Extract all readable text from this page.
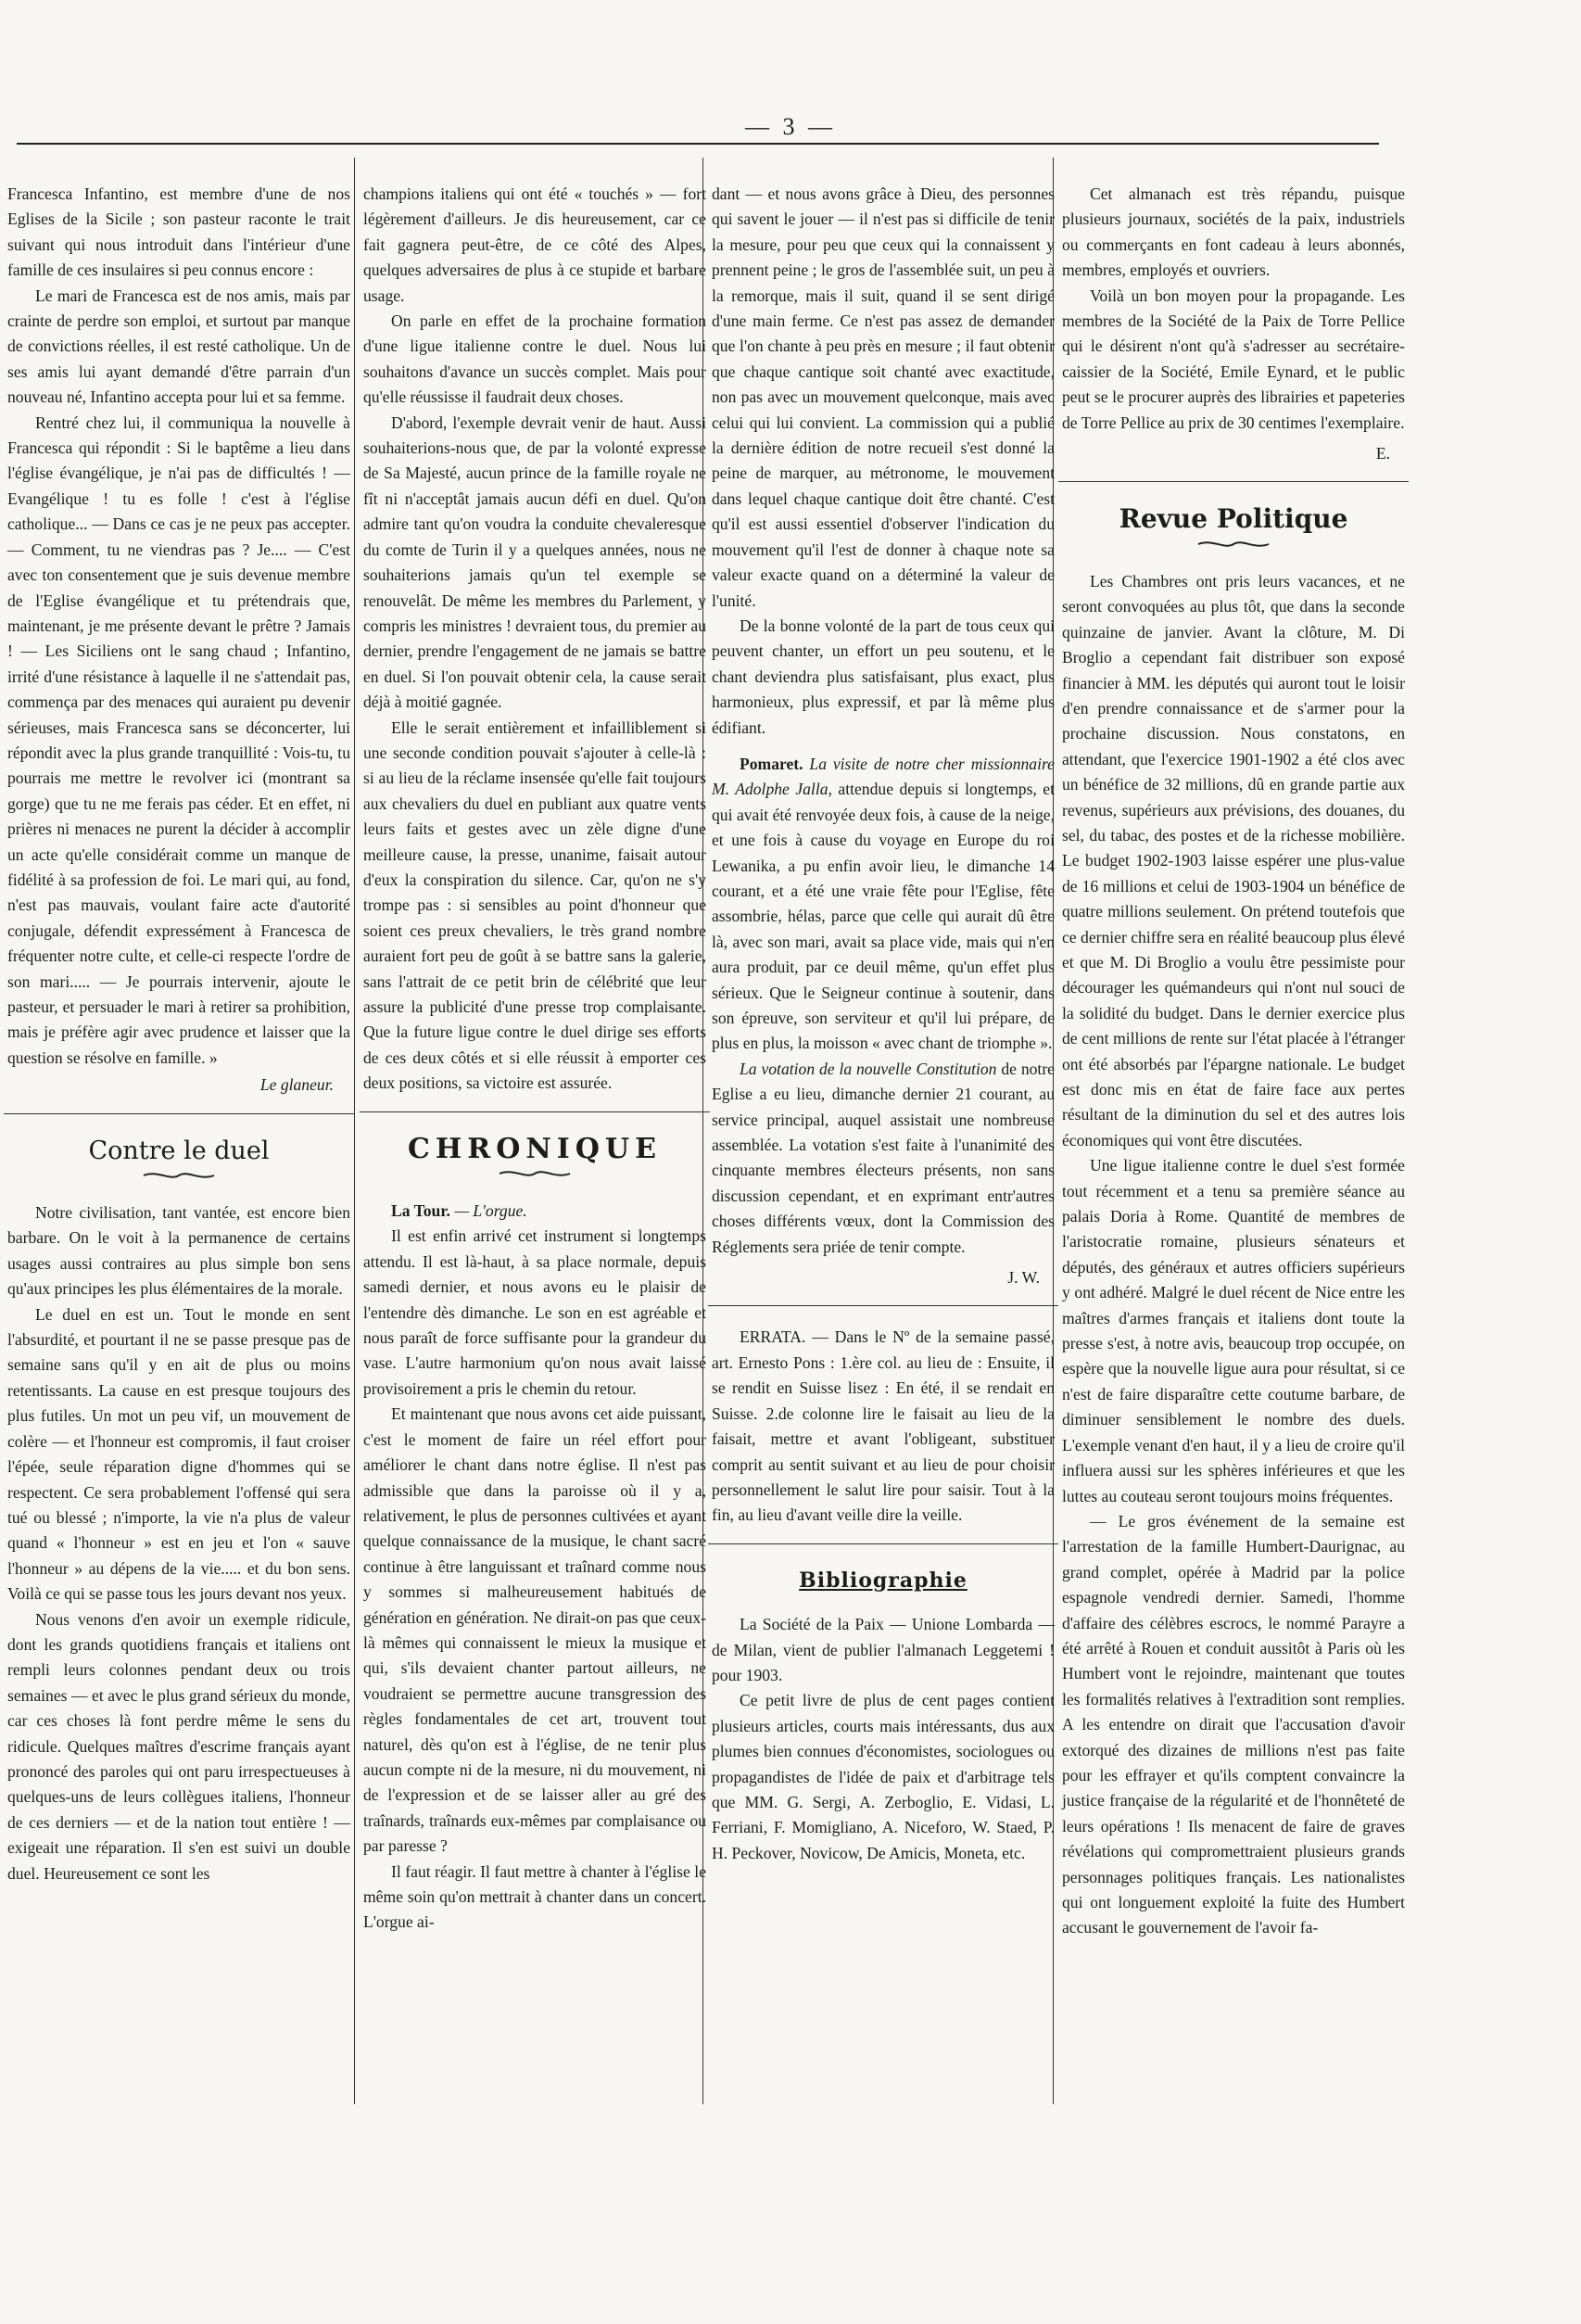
— 3 —

Francesca Infantino, est membre d'une de nos Eglises de la Sicile ; son pasteur raconte le trait suivant qui nous introduit dans l'intérieur d'une famille de ces insulaires si peu connus encore :

Le mari de Francesca est de nos amis, mais par crainte de perdre son emploi, et surtout par manque de convictions réelles, il est resté catholique. Un de ses amis lui ayant demandé d'être parrain d'un nouveau né, Infantino accepta pour lui et sa femme.

Rentré chez lui, il communiqua la nouvelle à Francesca qui répondit : Si le baptême a lieu dans l'église évangélique, je n'ai pas de difficultés ! — Evangélique ! tu es folle ! c'est à l'église catholique... — Dans ce cas je ne peux pas accepter. — Comment, tu ne viendras pas ? Je.... — C'est avec ton consentement que je suis devenue membre de l'Eglise évangélique et tu prétendrais que, maintenant, je me présente devant le prêtre ? Jamais ! — Les Siciliens ont le sang chaud ; Infantino, irrité d'une résistance à laquelle il ne s'attendait pas, commença par des menaces qui auraient pu devenir sérieuses, mais Francesca sans se déconcerter, lui répondit avec la plus grande tranquillité : Vois-tu, tu pourrais me mettre le revolver ici (montrant sa gorge) que tu ne me ferais pas céder. Et en effet, ni prières ni menaces ne purent la décider à accomplir un acte qu'elle considérait comme un manque de fidélité à sa profession de foi. Le mari qui, au fond, n'est pas mauvais, voulant faire acte d'autorité conjugale, défendit expressément à Francesca de fréquenter notre culte, et celle-ci respecte l'ordre de son mari..... — Je pourrais intervenir, ajoute le pasteur, et persuader le mari à retirer sa prohibition, mais je préfère agir avec prudence et laisser que la question se résolve en famille. »

Le glaneur.
Contre le duel

Notre civilisation, tant vantée, est encore bien barbare. On le voit à la permanence de certains usages aussi contraires au plus simple bon sens qu'aux principes les plus élémentaires de la morale.

Le duel en est un. Tout le monde en sent l'absurdité, et pourtant il ne se passe presque pas de semaine sans qu'il y en ait de plus ou moins retentissants. La cause en est presque toujours des plus futiles. Un mot un peu vif, un mouvement de colère — et l'honneur est compromis, il faut croiser l'épée, seule réparation digne d'hommes qui se respectent. Ce sera probablement l'offensé qui sera tué ou blessé ; n'importe, la vie n'a plus de valeur quand « l'honneur » est en jeu et l'on « sauve l'honneur » au dépens de la vie..... et du bon sens. Voilà ce qui se passe tous les jours devant nos yeux.

Nous venons d'en avoir un exemple ridicule, dont les grands quotidiens français et italiens ont rempli leurs colonnes pendant deux ou trois semaines — et avec le plus grand sérieux du monde, car ces choses là font perdre même le sens du ridicule. Quelques maîtres d'escrime français ayant prononcé des paroles qui ont paru irrespectueuses à quelques-uns de leurs collègues italiens, l'honneur de ces derniers — et de la nation tout entière ! — exigeait une réparation. Il s'en est suivi un double duel. Heureusement ce sont les

champions italiens qui ont été « touchés » — fort légèrement d'ailleurs. Je dis heureusement, car ce fait gagnera peut-être, de ce côté des Alpes, quelques adversaires de plus à ce stupide et barbare usage.

On parle en effet de la prochaine formation d'une ligue italienne contre le duel. Nous lui souhaitons d'avance un succès complet. Mais pour qu'elle réussisse il faudrait deux choses.

D'abord, l'exemple devrait venir de haut. Aussi souhaiterions-nous que, de par la volonté expresse de Sa Majesté, aucun prince de la famille royale ne fît ni n'acceptât jamais aucun défi en duel. Qu'on admire tant qu'on voudra la conduite chevaleresque du comte de Turin il y a quelques années, nous ne souhaiterions jamais qu'un tel exemple se renouvelât. De même les membres du Parlement, y compris les ministres ! devraient tous, du premier au dernier, prendre l'engagement de ne jamais se battre en duel. Si l'on pouvait obtenir cela, la cause serait déjà à moitié gagnée.

Elle le serait entièrement et infailliblement si une seconde condition pouvait s'ajouter à celle-là : si au lieu de la réclame insensée qu'elle fait toujours aux chevaliers du duel en publiant aux quatre vents leurs faits et gestes avec un zèle digne d'une meilleure cause, la presse, unanime, faisait autour d'eux la conspiration du silence. Car, qu'on ne s'y trompe pas : si sensibles au point d'honneur que soient ces preux chevaliers, le très grand nombre auraient fort peu de goût à se battre sans la galerie, sans l'attrait de ce petit brin de célébrité que leur assure la publicité d'une presse trop complaisante. Que la future ligue contre le duel dirige ses efforts de ces deux côtés et si elle réussit à emporter ces deux positions, sa victoire est assurée.

CHRONIQUE

La Tour. — L'orgue.

Il est enfin arrivé cet instrument si longtemps attendu. Il est là-haut, à sa place normale, depuis samedi dernier, et nous avons eu le plaisir de l'entendre dès dimanche. Le son en est agréable et nous paraît de force suffisante pour la grandeur du vase. L'autre harmonium qu'on nous avait laissé provisoirement a pris le chemin du retour.

Et maintenant que nous avons cet aide puissant, c'est le moment de faire un réel effort pour améliorer le chant dans notre église. Il n'est pas admissible que dans la paroisse où il y a, relativement, le plus de personnes cultivées et ayant quelque connaissance de la musique, le chant sacré continue à être languissant et traînard comme nous y sommes si malheureusement habitués de génération en génération. Ne dirait-on pas que ceux-là mêmes qui connaissent le mieux la musique et qui, s'ils devaient chanter partout ailleurs, ne voudraient se permettre aucune transgression des règles fondamentales de cet art, trouvent tout naturel, dès qu'on est à l'église, de ne tenir plus aucun compte ni de la mesure, ni du mouvement, ni de l'expression et de se laisser aller au gré des traînards, traînards eux-mêmes par complaisance ou par paresse ?

Il faut réagir. Il faut mettre à chanter à l'église le même soin qu'on mettrait à chanter dans un concert. L'orgue ai-

dant — et nous avons grâce à Dieu, des personnes qui savent le jouer — il n'est pas si difficile de tenir la mesure, pour peu que ceux qui la connaissent y prennent peine ; le gros de l'assemblée suit, un peu à la remorque, mais il suit, quand il se sent dirigé d'une main ferme. Ce n'est pas assez de demander que l'on chante à peu près en mesure ; il faut obtenir que chaque cantique soit chanté avec exactitude, non pas avec un mouvement quelconque, mais avec celui qui lui convient. La commission qui a publié la dernière édition de notre recueil s'est donné la peine de marquer, au métronome, le mouvement dans lequel chaque cantique doit être chanté. C'est qu'il est aussi essentiel d'observer l'indication du mouvement qu'il l'est de donner à chaque note sa valeur exacte quand on a déterminé la valeur de l'unité.

De la bonne volonté de la part de tous ceux qui peuvent chanter, un effort un peu soutenu, et le chant deviendra plus satisfaisant, plus exact, plus harmonieux, plus expressif, et par là même plus édifiant.

Pomaret. La visite de notre cher missionnaire M. Adolphe Jalla, attendue depuis si longtemps, et qui avait été renvoyée deux fois, à cause de la neige, et une fois à cause du voyage en Europe du roi Lewanika, a pu enfin avoir lieu, le dimanche 14 courant, et a été une vraie fête pour l'Eglise, fête assombrie, hélas, parce que celle qui aurait dû être là, avec son mari, avait sa place vide, mais qui n'en aura produit, par ce deuil même, qu'un effet plus sérieux. Que le Seigneur continue à soutenir, dans son épreuve, son serviteur et qu'il lui prépare, de plus en plus, la moisson « avec chant de triomphe ».

La votation de la nouvelle Constitution de notre Eglise a eu lieu, dimanche dernier 21 courant, au service principal, auquel assistait une nombreuse assemblée. La votation s'est faite à l'unanimité des cinquante membres électeurs présents, non sans discussion cependant, et en exprimant entr'autres choses différents vœux, dont la Commission des Réglements sera priée de tenir compte.

J. W.

ERRATA. — Dans le Nº de la semaine passé, art. Ernesto Pons : 1.ère col. au lieu de : Ensuite, il se rendit en Suisse lisez : En été, il se rendait en Suisse. 2.de colonne lire le faisait au lieu de la faisait, mettre et avant l'obligeant, substituer comprit au sentit suivant et au lieu de pour choisir personnellement le salut lire pour saisir. Tout à la fin, au lieu d'avant veille dire la veille.

Bibliographie

La Société de la Paix — Unione Lombarda — de Milan, vient de publier l'almanach Leggetemi ! pour 1903.

Ce petit livre de plus de cent pages contient plusieurs articles, courts mais intéressants, dus aux plumes bien connues d'économistes, sociologues ou propagandistes de l'idée de paix et d'arbitrage tels que MM. G. Sergi, A. Zerboglio, E. Vidasi, L. Ferriani, F. Momigliano, A. Niceforo, W. Staed, P. H. Peckover, Novicow, De Amicis, Moneta, etc.

Cet almanach est très répandu, puisque plusieurs journaux, sociétés de la paix, industriels ou commerçants en font cadeau à leurs abonnés, membres, employés et ouvriers.

Voilà un bon moyen pour la propagande. Les membres de la Société de la Paix de Torre Pellice qui le désirent n'ont qu'à s'adresser au secrétaire-caissier de la Société, Emile Eynard, et le public peut se le procurer auprès des librairies et papeteries de Torre Pellice au prix de 30 centimes l'exemplaire.

E.
Revue Politique

Les Chambres ont pris leurs vacances, et ne seront convoquées au plus tôt, que dans la seconde quinzaine de janvier. Avant la clôture, M. Di Broglio a cependant fait distribuer son exposé financier à MM. les députés qui auront tout le loisir d'en prendre connaissance et de s'armer pour la prochaine discussion. Nous constatons, en attendant, que l'exercice 1901-1902 a été clos avec un bénéfice de 32 millions, dû en grande partie aux revenus, supérieurs aux prévisions, des douanes, du sel, du tabac, des postes et de la richesse mobilière. Le budget 1902-1903 laisse espérer une plus-value de 16 millions et celui de 1903-1904 un bénéfice de quatre millions seulement. On prétend toutefois que ce dernier chiffre sera en réalité beaucoup plus élevé et que M. Di Broglio a voulu être pessimiste pour décourager les quémandeurs qui n'ont nul souci de la solidité du budget. Dans le dernier exercice plus de cent millions de rente sur l'état placée à l'étranger ont été absorbés par l'épargne nationale. Le budget est donc mis en état de faire face aux pertes résultant de la diminution du sel et des autres lois économiques qui vont être discutées.

Une ligue italienne contre le duel s'est formée tout récemment et a tenu sa première séance au palais Doria à Rome. Quantité de membres de l'aristocratie romaine, plusieurs sénateurs et députés, des généraux et autres officiers supérieurs y ont adhéré. Malgré le duel récent de Nice entre les maîtres d'armes français et italiens dont toute la presse s'est, à notre avis, beaucoup trop occupée, on espère que la nouvelle ligue aura pour résultat, si ce n'est de faire disparaître cette coutume barbare, de diminuer sensiblement le nombre des duels. L'exemple venant d'en haut, il y a lieu de croire qu'il influera aussi sur les sphères inférieures et que les luttes au couteau seront toujours moins fréquentes.

— Le gros événement de la semaine est l'arrestation de la famille Humbert-Daurignac, au grand complet, opérée à Madrid par la police espagnole vendredi dernier. Samedi, l'homme d'affaire des célèbres escrocs, le nommé Parayre a été arrêté à Rouen et conduit aussitôt à Paris où les Humbert vont le rejoindre, maintenant que toutes les formalités relatives à l'extradition sont remplies. A les entendre on dirait que l'accusation d'avoir extorqué des dizaines de millions n'est pas faite pour les effrayer et qu'ils comptent convaincre la justice française de la régularité et de l'honnêteté de leurs opérations ! Ils menacent de faire de graves révélations qui compromettraient plusieurs grands personnages politiques français. Les nationalistes qui ont longuement exploité la fuite des Humbert accusant le gouvernement de l'avoir fa-
